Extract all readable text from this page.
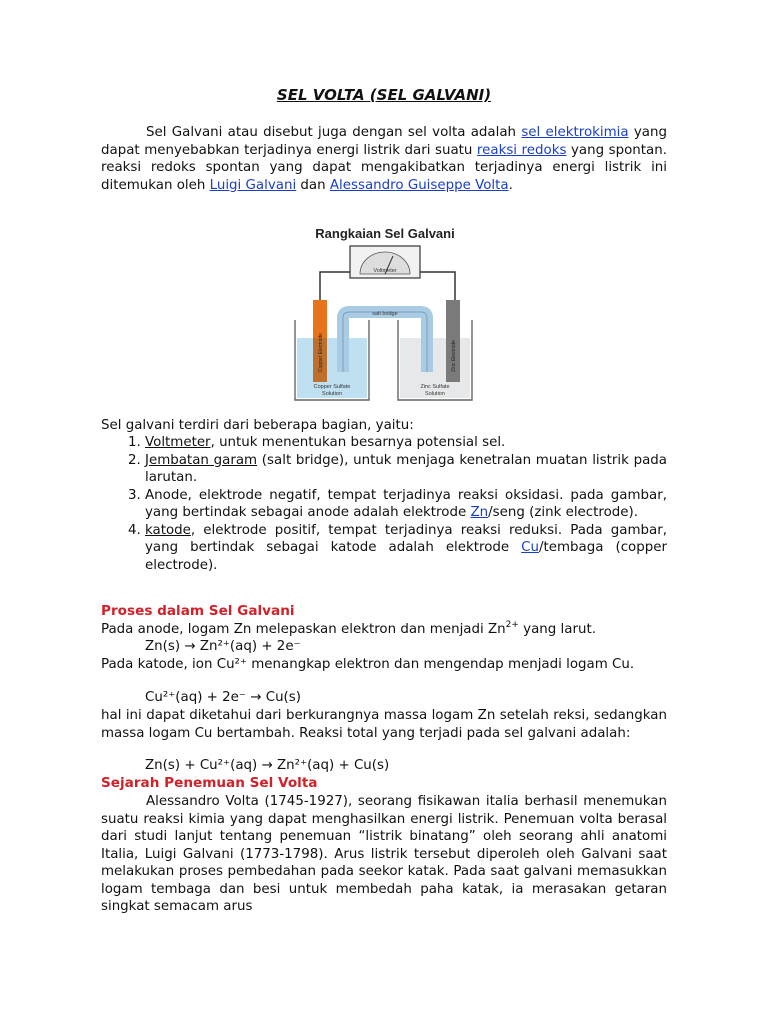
SEL VOLTA (SEL GALVANI)
Sel Galvani atau disebut juga dengan sel volta adalah sel elektrokimia yang dapat menyebabkan terjadinya energi listrik dari suatu reaksi redoks yang spontan. reaksi redoks spontan yang dapat mengakibatkan terjadinya energi listrik ini ditemukan oleh Luigi Galvani dan Alessandro Guiseppe Volta.
Rangkaian Sel Galvani
Voltmeter
salt bridge
Copper Electrode	Zinc Electrode
Copper Sulfate
Solution
Zinc Sulfate
Solution
Sel galvani terdiri dari beberapa bagian, yaitu:
1. Voltmeter, untuk menentukan besarnya potensial sel.
2. Jembatan garam (salt bridge), untuk menjaga kenetralan muatan listrik pada larutan.
3. Anode, elektrode negatif, tempat terjadinya reaksi oksidasi. pada gambar, yang bertindak sebagai anode adalah elektrode Zn/seng (zink electrode).
4. katode, elektrode positif, tempat terjadinya reaksi reduksi. Pada gambar, yang bertindak sebagai katode adalah elektrode Cu/tembaga (copper electrode).
Proses dalam Sel Galvani
Pada anode, logam Zn melepaskan elektron dan menjadi $Zn^{2+}$ yang larut.
Zn(s) → Zn²⁺(aq) + 2e⁻
Pada katode, ion Cu²⁺ menangkap elektron dan mengendap menjadi logam Cu.
Cu²⁺(aq) + 2e⁻ → Cu(s)
hal ini dapat diketahui dari berkurangnya massa logam Zn setelah reksi, sedangkan massa logam Cu bertambah. Reaksi total yang terjadi pada sel galvani adalah:
Zn(s) + Cu²⁺(aq) → Zn²⁺(aq) + Cu(s)
Sejarah Penemuan Sel Volta
Alessandro Volta (1745-1927), seorang fisikawan italia berhasil menemukan suatu reaksi kimia yang dapat menghasilkan energi listrik. Penemuan volta berasal dari studi lanjut tentang penemuan “listrik binatang” oleh seorang ahli anatomi Italia, Luigi Galvani (1773-1798). Arus listrik tersebut diperoleh oleh Galvani saat melakukan proses pembedahan pada seekor katak. Pada saat galvani memasukkan logam tembaga dan besi untuk membedah paha katak, ia merasakan getaran singkat semacam arus
